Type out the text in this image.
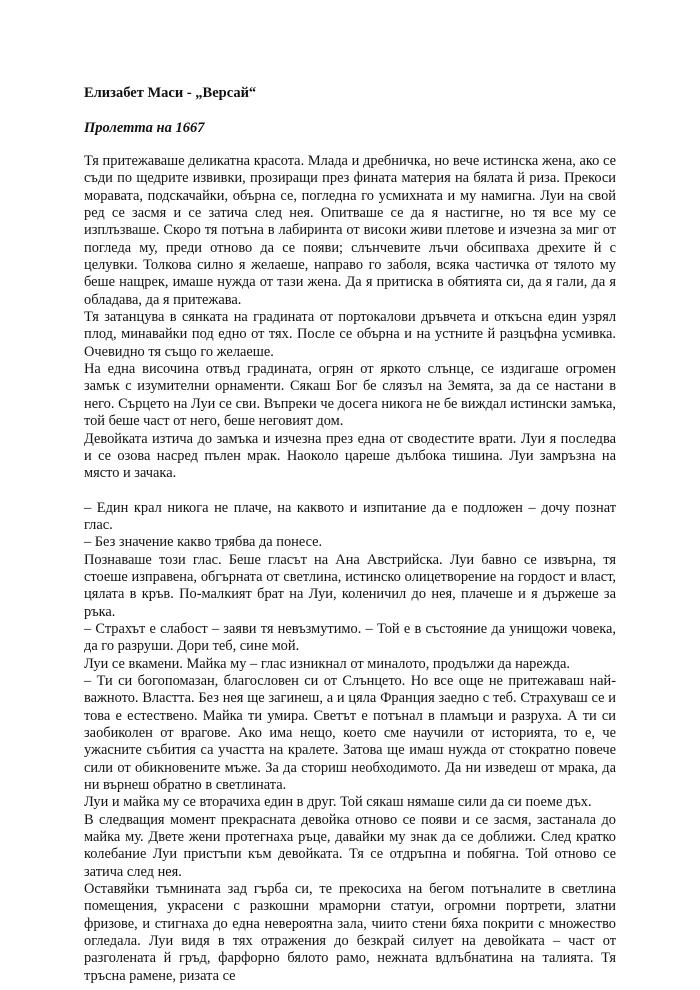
Елизабет Маси - „Версай“
Пролетта на 1667

Тя притежаваше деликатна красота. Млада и дребничка, но вече истинска жена, ако се съди по щедрите извивки, прозиращи през фината материя на бялата й риза. Прекоси моравата, подскачайки, обърна се, погледна го усмихната и му намигна. Луи на свой ред се засмя и се затича след нея. Опитваше се да я настигне, но тя все му се изплъзваше. Скоро тя потъна в лабиринта от високи живи плетове и изчезна за миг от погледа му, преди отново да се появи; слънчевите лъчи обсипваха дрехите й с целувки. Толкова силно я желаеше, направо го заболя, всяка частичка от тялото му беше нащрек, имаше нужда от тази жена. Да я притиска в обятията си, да я гали, да я обладава, да я притежава.

Тя затанцува в сянката на градината от портокалови дръвчета и откъсна един узрял плод, минавайки под едно от тях. После се обърна и на устните й разцъфна усмивка. Очевидно тя също го желаеше.

На една височина отвъд градината, огрян от яркото слънце, се издигаше огромен замък с изумителни орнаменти. Сякаш Бог бе слязъл на Земята, за да се настани в него. Сърцето на Луи се сви. Въпреки че досега никога не бе виждал истински замъка, той беше част от него, беше неговият дом.

Девойката изтича до замъка и изчезна през една от сводестите врати. Луи я последва и се озова насред пълен мрак. Наоколо цареше дълбока тишина. Луи замръзна на място и зачака.

– Един крал никога не плаче, на каквото и изпитание да е подложен – дочу познат глас.

– Без значение какво трябва да понесе.

Познаваше този глас. Беше гласът на Ана Австрийска. Луи бавно се извърна, тя стоеше изправена, обгърната от светлина, истинско олицетворение на гордост и власт, цялата в кръв. По-малкият брат на Луи, коленичил до нея, плачеше и я държеше за ръка.

– Страхът е слабост – заяви тя невъзмутимо. – Той е в състояние да унищожи човека, да го разруши. Дори теб, сине мой.

Луи се вкамени. Майка му – глас изникнал от миналото, продължи да нарежда.

– Ти си богопомазан, благословен си от Слънцето. Но все още не притежаваш най-важното. Властта. Без нея ще загинеш, а и цяла Франция заедно с теб. Страхуваш се и това е естествено. Майка ти умира. Светът е потънал в пламъци и разруха. А ти си заобиколен от врагове. Ако има нещо, което сме научили от историята, то е, че ужасните събития са участта на кралете. Затова ще имаш нужда от стократно повече сили от обикновените мъже. За да сториш необходимото. Да ни изведеш от мрака, да ни върнеш обратно в светлината.

Луи и майка му се вторачиха един в друг. Той сякаш нямаше сили да си поеме дъх.

В следващия момент прекрасната девойка отново се появи и се засмя, застанала до майка му. Двете жени протегнаха ръце, давайки му знак да се доближи. След кратко колебание Луи пристъпи към девойката. Тя се отдръпна и побягна. Той отново се затича след нея.

Оставяйки тъмнината зад гърба си, те прекосиха на бегом потъналите в светлина помещения, украсени с разкошни мраморни статуи, огромни портрети, златни фризове, и стигнаха до една невероятна зала, чиито стени бяха покрити с множество огледала. Луи видя в тях отражения до безкрай силует на девойката – част от разголената й гръд, фарфорно бялото рамо, нежната вдлъбнатина на талията. Тя тръсна рамене, ризата се
